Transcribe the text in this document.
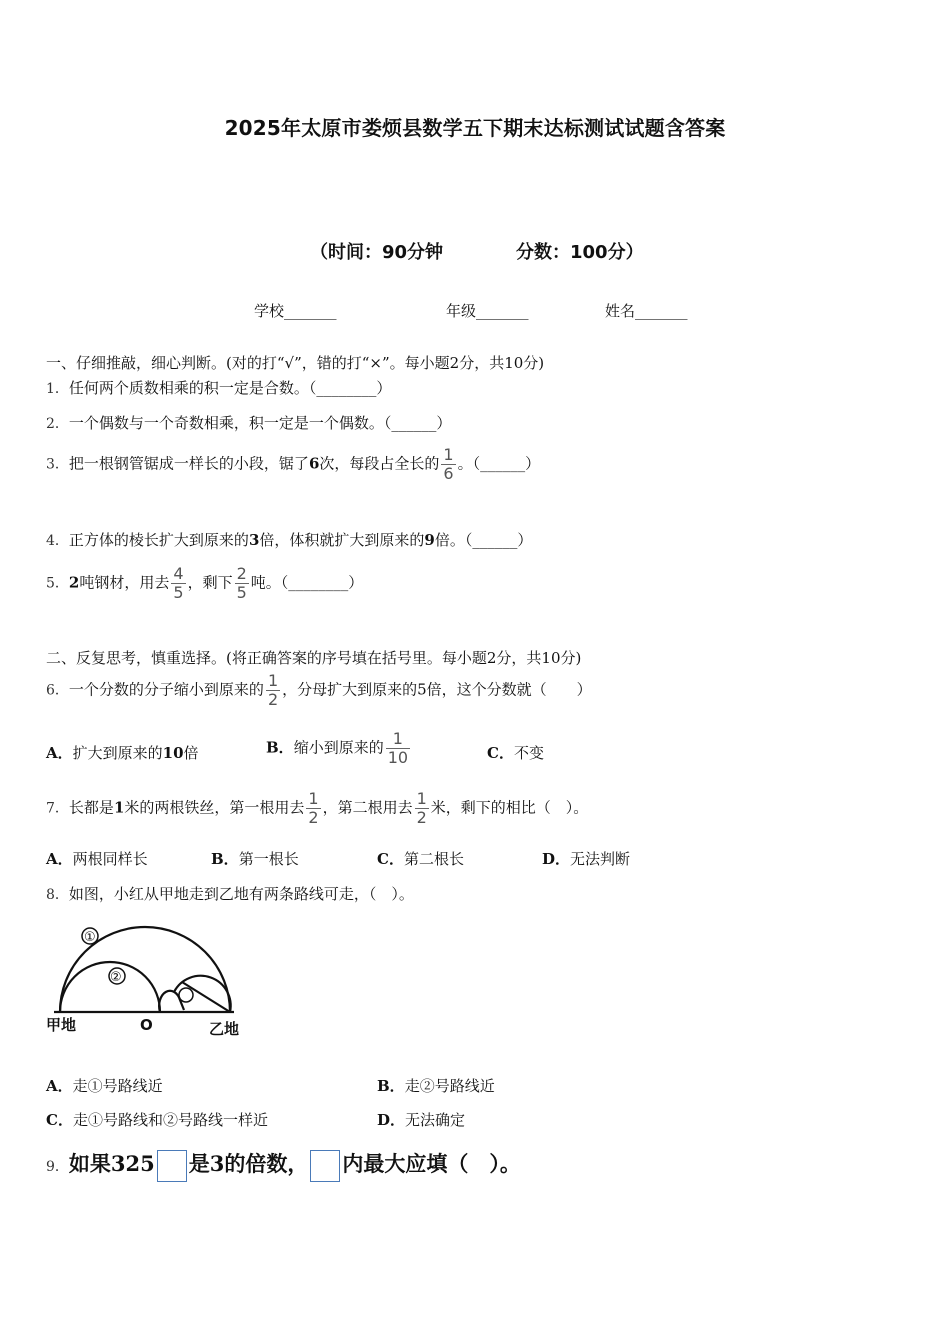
2025年太原市娄烦县数学五下期末达标测试试题含答案
（时间：90分钟	分数：100分）
学校_______	年级_______	姓名_______
一、仔细推敲，细心判断。(对的打“√”，错的打“×”。每小题2分，共10分)
1．任何两个质数相乘的积一定是合数。（________）
2．一个偶数与一个奇数相乘，积一定是一个偶数。（______）
3．把一根钢管锯成一样长的小段，锯了6次，每段占全长的 $\frac{1}{6}$ 。（______）
4．正方体的棱长扩大到原来的3倍，体积就扩大到原来的9倍。（______）
5．2吨钢材，用去 $\frac{4}{5}$ ，剩下 $\frac{2}{5}$ 吨。（________）
二、反复思考，慎重选择。(将正确答案的序号填在括号里。每小题2分，共10分)
6．一个分数的分子缩小到原来的 $\frac{1}{2}$ ，分母扩大到原来的5倍，这个分数就（　　）
A．扩大到原来的10倍	B．缩小到原来的 $\frac{1}{10}$	C．不变
7．长都是1米的两根铁丝，第一根用去 $\frac{1}{2}$ ，第二根用去 $\frac{1}{2}$ 米，剩下的相比（　）。
A．两根同样长	B．第一根长	C．第二根长	D．无法判断
8．如图，小红从甲地走到乙地有两条路线可走，（　）。
①
②
甲地	O	乙地
A．走①号路线近	B．走②号路线近
C．走①号路线和②号路线一样近	D．无法确定
9．如果325 是3的倍数， 内最大应填（　）。
